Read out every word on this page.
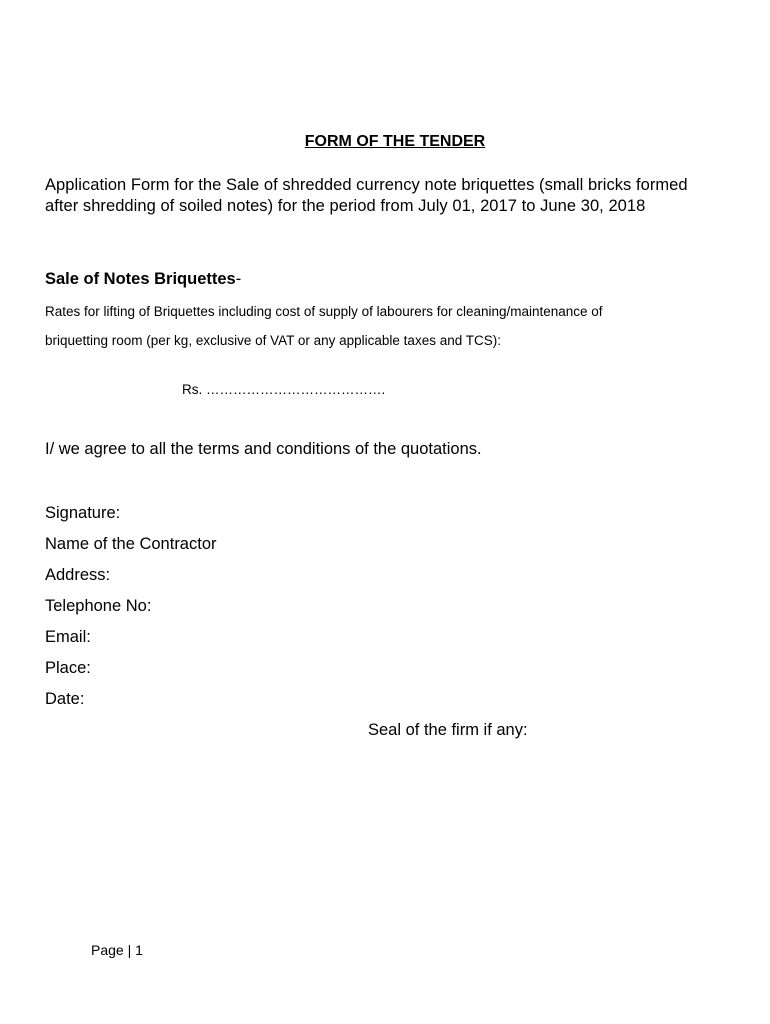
FORM OF THE TENDER
Application Form for the Sale of shredded currency note briquettes (small bricks formed after shredding of soiled notes) for the period from July 01, 2017 to June 30, 2018
Sale of Notes Briquettes-
Rates for lifting of Briquettes including cost of supply of labourers for cleaning/maintenance of
briquetting room (per kg, exclusive of VAT or any applicable taxes and TCS):
Rs. ………………………………….
I/ we agree to all the terms and conditions of the quotations.
Signature:
Name of the Contractor
Address:
Telephone No:
Email:
Place:
Date:
Seal of the firm if any:
Page | 1
